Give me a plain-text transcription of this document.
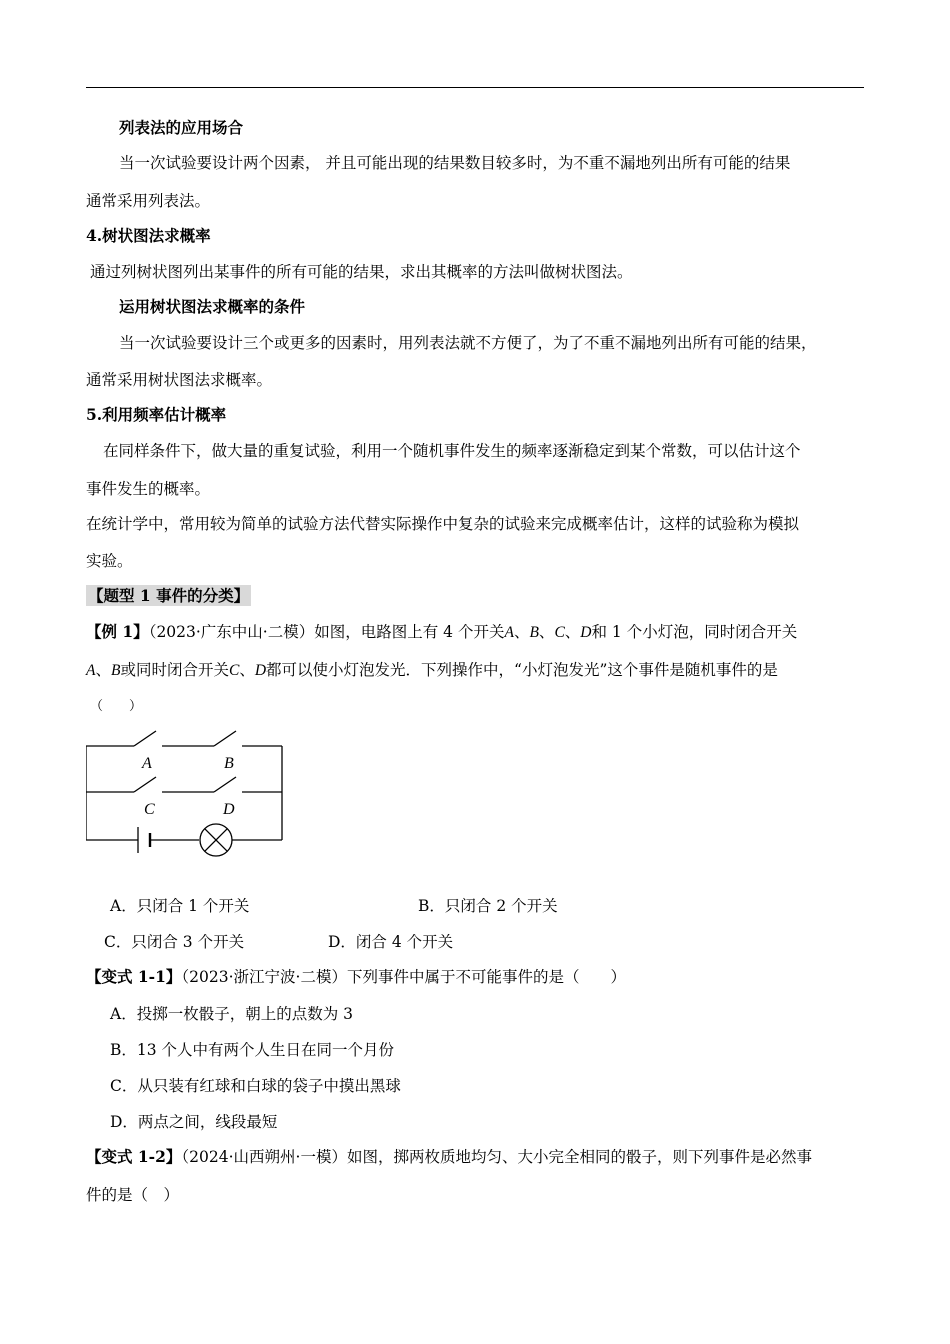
列表法的应用场合
当一次试验要设计两个因素， 并且可能出现的结果数目较多时，为不重不漏地列出所有可能的结果
通常采用列表法。
4.树状图法求概率
通过列树状图列出某事件的所有可能的结果，求出其概率的方法叫做树状图法。
运用树状图法求概率的条件
当一次试验要设计三个或更多的因素时，用列表法就不方便了，为了不重不漏地列出所有可能的结果，
通常采用树状图法求概率。
5.利用频率估计概率
在同样条件下，做大量的重复试验，利用一个随机事件发生的频率逐渐稳定到某个常数，可以估计这个
事件发生的概率。
在统计学中，常用较为简单的试验方法代替实际操作中复杂的试验来完成概率估计，这样的试验称为模拟
实验。
【题型 1 事件的分类】
【例 1】（2023·广东中山·二模）如图，电路图上有 4 个开关A、B、C、D和 1 个小灯泡，同时闭合开关
A、B或同时闭合开关C、D都可以使小灯泡发光．下列操作中，“小灯泡发光”这个事件是随机事件的是
（　　）
A	B
C	D
A．只闭合 1 个开关	B．只闭合 2 个开关
C．只闭合 3 个开关	D．闭合 4 个开关
【变式 1-1】（2023·浙江宁波·二模）下列事件中属于不可能事件的是（　　）
A．投掷一枚骰子，朝上的点数为 3
B．13 个人中有两个人生日在同一个月份
C．从只装有红球和白球的袋子中摸出黑球
D．两点之间，线段最短
【变式 1-2】（2024·山西朔州·一模）如图，掷两枚质地均匀、大小完全相同的骰子，则下列事件是必然事
件的是（　）
